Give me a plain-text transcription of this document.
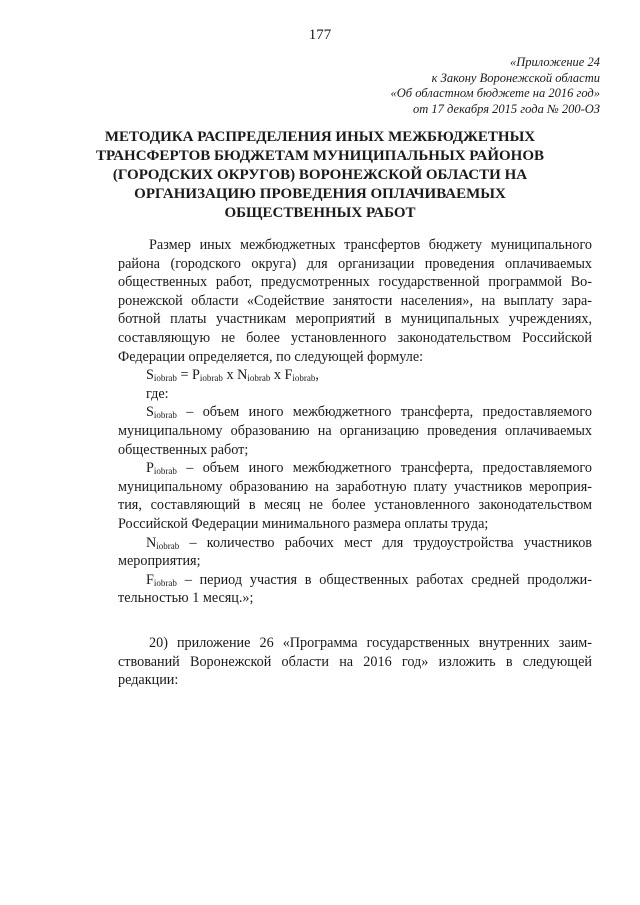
177
«Приложение 24
к Закону Воронежской области
«Об областном бюджете на 2016 год»
от 17 декабря 2015 года № 200-ОЗ
МЕТОДИКА РАСПРЕДЕЛЕНИЯ ИНЫХ МЕЖБЮДЖЕТНЫХ
ТРАНСФЕРТОВ БЮДЖЕТАМ МУНИЦИПАЛЬНЫХ РАЙОНОВ
(ГОРОДСКИХ ОКРУГОВ) ВОРОНЕЖСКОЙ ОБЛАСТИ НА
ОРГАНИЗАЦИЮ ПРОВЕДЕНИЯ ОПЛАЧИВАЕМЫХ
ОБЩЕСТВЕННЫХ РАБОТ
Размер иных межбюджетных трансфертов бюджету муниципального
района (городского округа) для организации проведения оплачиваемых
общественных работ, предусмотренных государственной программой Во-
ронежской области «Содействие занятости населения», на выплату зара-
ботной платы участникам мероприятий в муниципальных учреждениях,
составляющую не более установленного законодательством Российской
Федерации определяется, по следующей формуле:
$S_{iobrab} = P_{iobrab}$ x $N_{iobrab}$ x $F_{iobrab}$,
где:
$S_{iobrab}$ – объем иного межбюджетного трансферта, предоставляемого
муниципальному образованию на организацию проведения оплачиваемых
общественных работ;
$P_{iobrab}$ – объем иного межбюджетного трансферта, предоставляемого
муниципальному образованию на заработную плату участников мероприя-
тия, составляющий в месяц не более установленного законодательством
Российской Федерации минимального размера оплаты труда;
$N_{iobrab}$ – количество рабочих мест для трудоустройства участников
мероприятия;
$F_{iobrab}$ – период участия в общественных работах средней продолжи-
тельностью 1 месяц.»;
20) приложение 26 «Программа государственных внутренних заим-
ствований Воронежской области на 2016 год» изложить в следующей
редакции:
